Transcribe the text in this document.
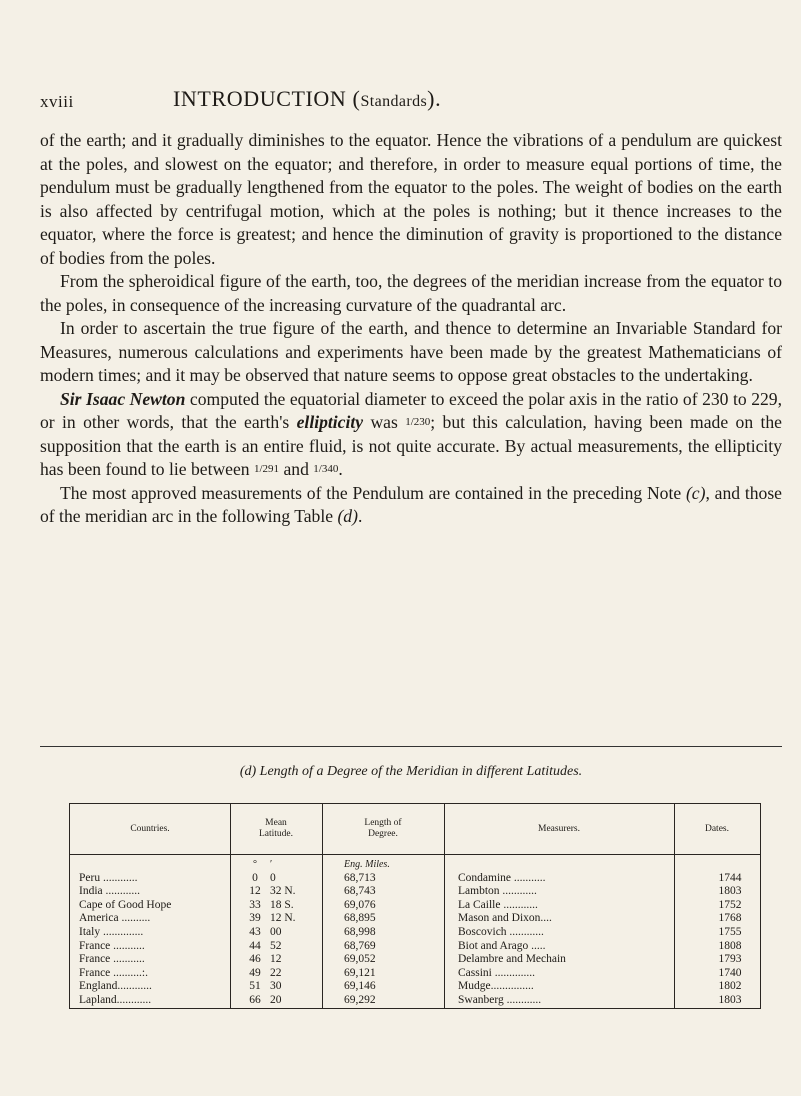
xviii	INTRODUCTION (Standards).

of the earth; and it gradually diminishes to the equator. Hence the vibrations of a pendulum are quickest at the poles, and slowest on the equator; and therefore, in order to measure equal portions of time, the pendulum must be gradually lengthened from the equator to the poles. The weight of bodies on the earth is also affected by centrifugal motion, which at the poles is nothing; but it thence increases to the equator, where the force is greatest; and hence the diminution of gravity is proportioned to the distance of bodies from the poles.

From the spheroidical figure of the earth, too, the degrees of the meridian increase from the equator to the poles, in consequence of the increasing curvature of the quadrantal arc.

In order to ascertain the true figure of the earth, and thence to determine an Invariable Standard for Measures, numerous calculations and experiments have been made by the greatest Mathematicians of modern times; and it may be observed that nature seems to oppose great obstacles to the undertaking.

Sir Isaac Newton computed the equatorial diameter to exceed the polar axis in the ratio of 230 to 229, or in other words, that the earth's ellipticity was 1/230; but this calculation, having been made on the supposition that the earth is an entire fluid, is not quite accurate. By actual measurements, the ellipticity has been found to lie between 1/291 and 1/340.

The most approved measurements of the Pendulum are contained in the preceding Note (c), and those of the meridian arc in the following Table (d).

(d) Length of a Degree of the Meridian in different Latitudes.
Countries.
Mean Latitude.
Length of Degree.
Measurers.	Dates.
°	′	Eng. Miles.
Peru ............	0	0	68,713	Condamine ...........	1744
India ............	12 32 N.	68,743	Lambton ............	1803
Cape of Good Hope	33 18 S.	69,076	La Caille ............	1752
America ..........	39 12 N.	68,895	Mason and Dixon....	1768
Italy ..............	43 00	68,998	Boscovich ............	1755
France ...........	44 52	68,769	Biot and Arago .....	1808
France ...........	46 12	69,052	Delambre and Mechain	1793
France ..........:.	49 22	69,121	Cassini ..............	1740
England............	51 30	69,146	Mudge...............	1802
Lapland............	66 20	69,292	Swanberg ............	1803
